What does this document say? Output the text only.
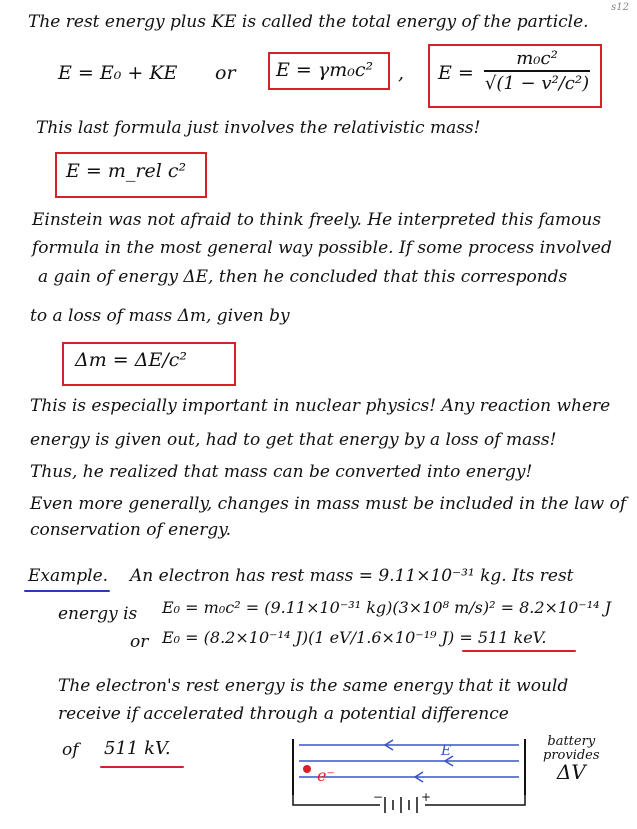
s12
The rest energy plus KE is called the total energy of the particle.
E = E₀ + KE or E = γm₀c² , E =
m₀c²
√(1 − v²/c²)
This last formula just involves the relativistic mass!
E = m_rel c²
Einstein was not afraid to think freely. He interpreted this famous
formula in the most general way possible. If some process involved
a gain of energy ΔE, then he concluded that this corresponds
to a loss of mass Δm, given by
Δm = ΔE/c²
This is especially important in nuclear physics! Any reaction where
energy is given out, had to get that energy by a loss of mass!
Thus, he realized that mass can be converted into energy!
Even more generally, changes in mass must be included in the law of
conservation of energy.
Example. An electron has rest mass = 9.11×10⁻³¹ kg. Its rest
energy is E₀ = m₀c² = (9.11×10⁻³¹ kg)(3×10⁸ m/s)² = 8.2×10⁻¹⁴ J
or E₀ = (8.2×10⁻¹⁴ J)(1 eV/1.6×10⁻¹⁹ J) = 511 keV.
The electron's rest energy is the same energy that it would
receive if accelerated through a potential difference
of 511 kV.	E
e⁻
−	+
battery
provides
ΔV
